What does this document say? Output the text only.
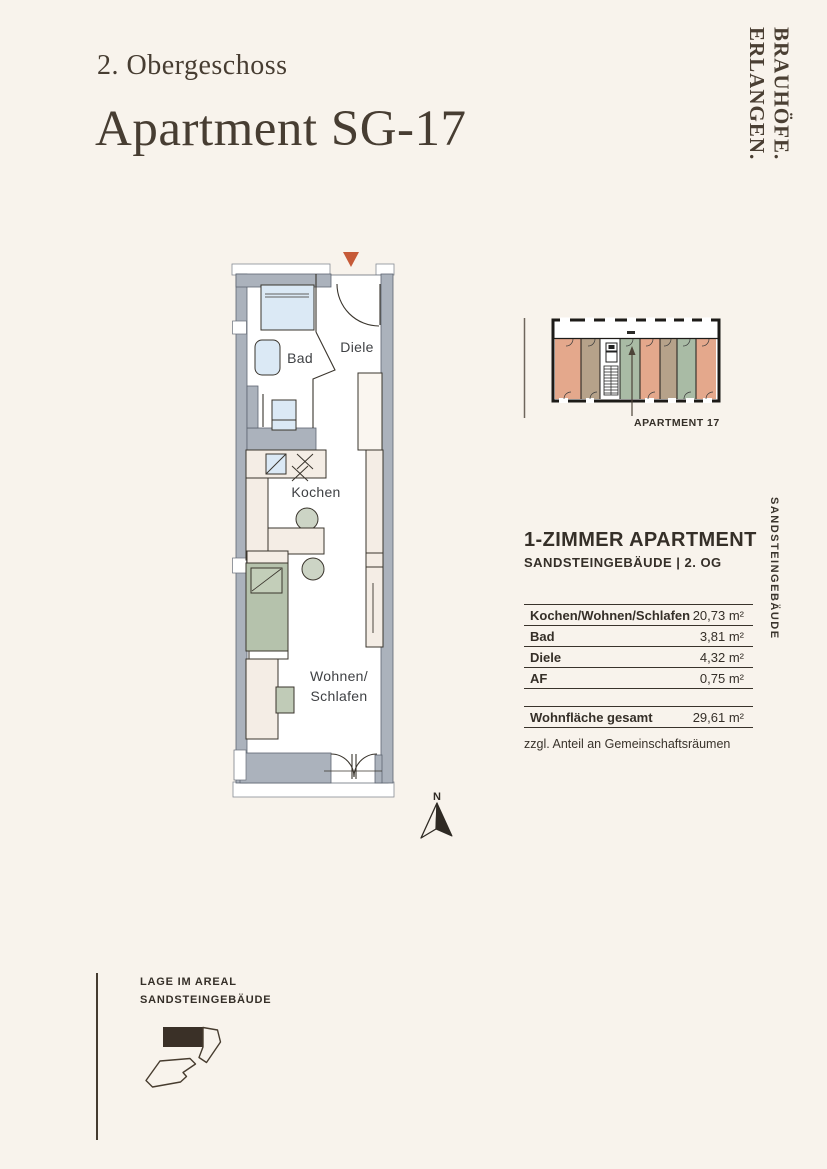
2. Obergeschoss
Apartment SG-17	BRAUHÖFE.
ERLANGEN.
Bad
Diele
Kochen
Wohnen/
Schlafen
APARTMENT 17
1-ZIMMER APARTMENT
SANDSTEINGEBÄUDE | 2. OG
Kochen/Wohnen/Schlafen 20,73 m²
Bad	3,81 m²
Diele	4,32 m²
AF	0,75 m²
Wohnfläche gesamt	29,61 m²
zzgl. Anteil an Gemeinschaftsräumen
SANDSTEINGEBÄUDE
N
LAGE IM AREAL
SANDSTEINGEBÄUDE
